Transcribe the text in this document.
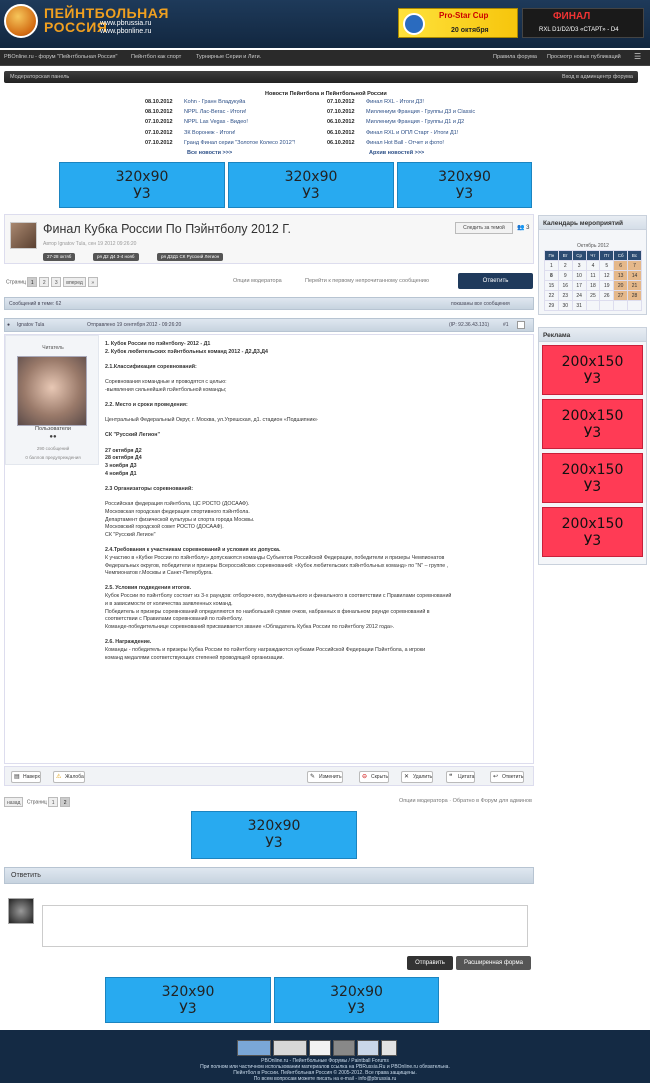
ПЕЙНТБОЛЬНАЯ
РОССИЯ
www.pbrussia.ru
www.pbonline.ru
Pro-Star Cup
20 октября
ФИНАЛ
RXL D1/D2/D3 «СТАРТ» - D4
PBOnline.ru - форум "Пейнтбольная Россия" Пейнтбол как спорт	Турнирные Серии и Лиги.	Правила форума Просмотр новых публикаций ☰
Модераторская панель	Вход в админцентр форума
Новости Пейнтбола и Пейнтбольной России
08.10.2012 Kohn - Гранн Владукуйа
08.10.2012 NPPL Лас-Вегас - Итоги!
07.10.2012 NPPL Las Vegas - Видео!
07.10.2012 ЗК Воронеж - Итоги!
07.10.2012 Гранд Финал серии "Золотое Колесо 2012"!
07.10.2012 Финал RXL - Итоги Д3!
07.10.2012 Миллениум Франция - Группы Д3 и Classic
06.10.2012 Миллениум Франция - Группы Д1 и Д2
06.10.2012 Финал RXL и ОПЛ Старт - Итоги Д1!
06.10.2012 Финал Hot Ball - Отчет и фото!
Все новости >>>	Архив новостей >>>
320x90
У3
320x90
У3
320x90
У3
Финал Кубка России По Пэйнтболу 2012 Г.
Автор Ignatov Tula, сен 19 2012 09:26:20
27-28 октяб	ря Д2 Д4 3-4 нояб	ря Д3Д1 СК Русский Легион
Следить за темой	👥 3
Страниц 1 2 3 вперед »	Опции модератора	Перейти к первому непрочитанному сообщению	Ответить
Сообщений в теме: 62	показаны все сообщения
● Ignatov Tula	Отправлено 19 сентября 2012 - 09:26:20	(IP: 92.36.43.131)	#1
Читатель
Пользователи
●●
290 сообщений
0 баллов предупреждения

1. Кубок России по пэйнтболу- 2012 - Д1

2. Кубок любительских пэйнтбольных команд 2012 - Д2,Д3,Д4

2.1.Классификация соревнований:

Соревнования командные и проводятся с целью:

-выявления сильнейшей пэйнтбольной команды;

2.2. Место и сроки проведения:

Центральный Федеральный Округ, г. Москва, ул.Угрешская, д1. стадион «Подшипник»

СК "Русский Легион"

27 октября Д2

28 октября Д4

3 ноября Д3

4 ноября Д1

2.3 Организаторы соревнований:

Российская федерация пэйнтбола, ЦС РОСТО (ДОСААФ).

Московская городская федерация спортивного пэйнтбола.

Департамент физической культуры и спорта города Москвы.

Московский городской совет РОСТО (ДОСААФ).

СК "Русский Легион"

2.4.Требования к участникам соревнований и условия их допуска.

К участию в «Кубке России по пэйнтболу» допускаются команды Субъектов Российской Федерации, победители и призеры Чемпионатов

Федеральных округов, победители и призеры Всероссийских соревнований: «Кубок любительских пэйнтбольных команд» по "N" – группе ,

Чемпионатов г.Москвы и Санкт-Петербурга.

2.5. Условия подведения итогов.

Кубок России по пэйнтболу состоит из 3-х раундов: отборочного, полуфинального и финального в соответствии с Правилами соревнований

и в зависимости от количества заявленных команд.

Победитель и призеры соревнований определяются по наибольшей сумме очков, набранных в финальном раунде соревнований в

соответствии с Правилами соревнований по пэйнтболу.

Команде-победительнице соревнований присваивается звание «Обладатель Кубка России по пэйнтболу 2012 года».

2.6. Награждение.

Команды - победитель и призеры Кубка России по пэйнтболу награждаются кубками Российской Федерации Пэйнтбола, а игроки

команд медалями соответствующих степеней проводящей организации.

▤ Наверх	⚠ Жалоба	✎ Изменить	⊖ Скрыть	✕ Удалить	❝	Цитата	↩ Ответить
назад Страниц 1 2	Опции модератора · Обратно в Форум для админов
320x90
У3
Ответить
Отправить	Расширенная форма
320x90
У3
320x90
У3
Календарь мероприятий
Октябрь 2012
Пн	Вт	Ср	Чт	Пт	Сб	Вс
1	2	3	4	5	6	7
8	9	10	11	12	13	14
15	16	17	18	19	20	21
22	23	24	25	26	27	28
29	30	31				
Реклама
200x150
У3
200x150
У3
200x150
У3
200x150
У3
PBOnline.ru - Пейнтбольные Форумы / Paintball Forums
При полном или частичном использовании материалов ссылка на PBRussia.Ru и PBOnline.ru обязательна.
Пейнтбол в России. Пейнтбольная Россия © 2005-2012. Все права защищены.
По всем вопросам можете писать на e-mail - info@pbrussia.ru
